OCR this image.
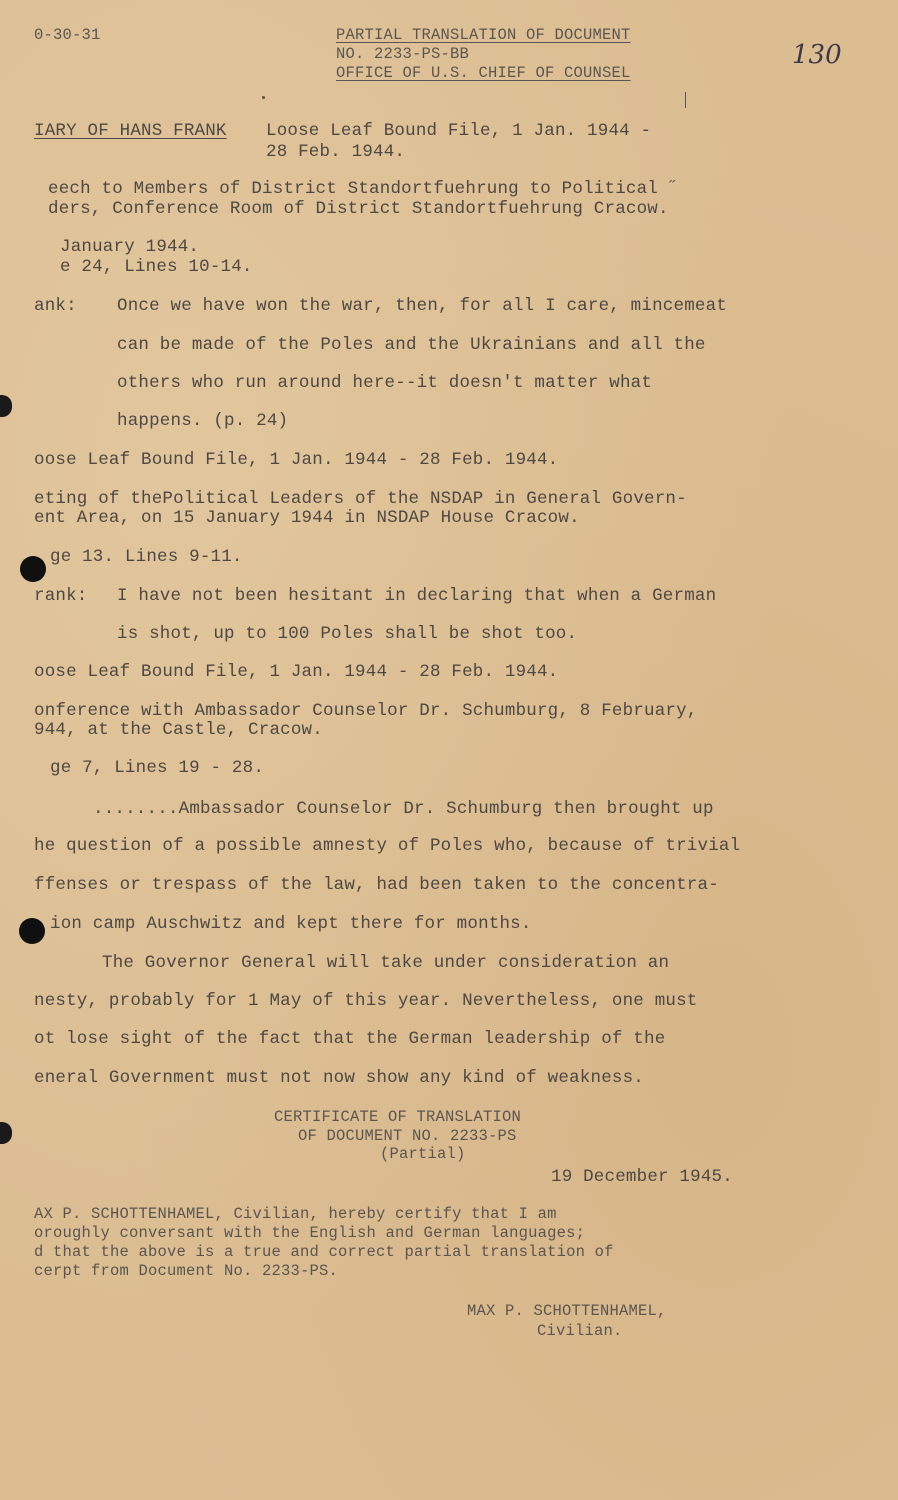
0-30-31	PARTIAL TRANSLATION OF DOCUMENT
NO. 2233-PS-BB
OFFICE OF U.S. CHIEF OF COUNSEL
130
IARY OF HANS FRANK Loose Leaf Bound File, 1 Jan. 1944 -
28 Feb. 1944.
eech to Members of District Standortfuehrung to Political ˝
ders, Conference Room of District Standortfuehrung Cracow.
January 1944.
e 24, Lines 10-14.
ank: Once we have won the war, then, for all I care, mincemeat
can be made of the Poles and the Ukrainians and all the
others who run around here--it doesn't matter what
happens. (p. 24)
oose Leaf Bound File, 1 Jan. 1944 - 28 Feb. 1944.
eting of thePolitical Leaders of the NSDAP in General Govern-
ent Area, on 15 January 1944 in NSDAP House Cracow.
ge 13. Lines 9-11.
rank: I have not been hesitant in declaring that when a German
is shot, up to 100 Poles shall be shot too.
oose Leaf Bound File, 1 Jan. 1944 - 28 Feb. 1944.
onference with Ambassador Counselor Dr. Schumburg, 8 February,
944, at the Castle, Cracow.
ge 7, Lines 19 - 28.
........Ambassador Counselor Dr. Schumburg then brought up
he question of a possible amnesty of Poles who, because of trivial
ffenses or trespass of the law, had been taken to the concentra-
ion camp Auschwitz and kept there for months.
The Governor General will take under consideration an
nesty, probably for 1 May of this year. Nevertheless, one must
ot lose sight of the fact that the German leadership of the
eneral Government must not now show any kind of weakness.
CERTIFICATE OF TRANSLATION
OF DOCUMENT NO. 2233-PS
(Partial)
19 December 1945.
AX P. SCHOTTENHAMEL, Civilian, hereby certify that I am
oroughly conversant with the English and German languages;
d that the above is a true and correct partial translation of
cerpt from Document No. 2233-PS.
MAX P. SCHOTTENHAMEL,
Civilian.
